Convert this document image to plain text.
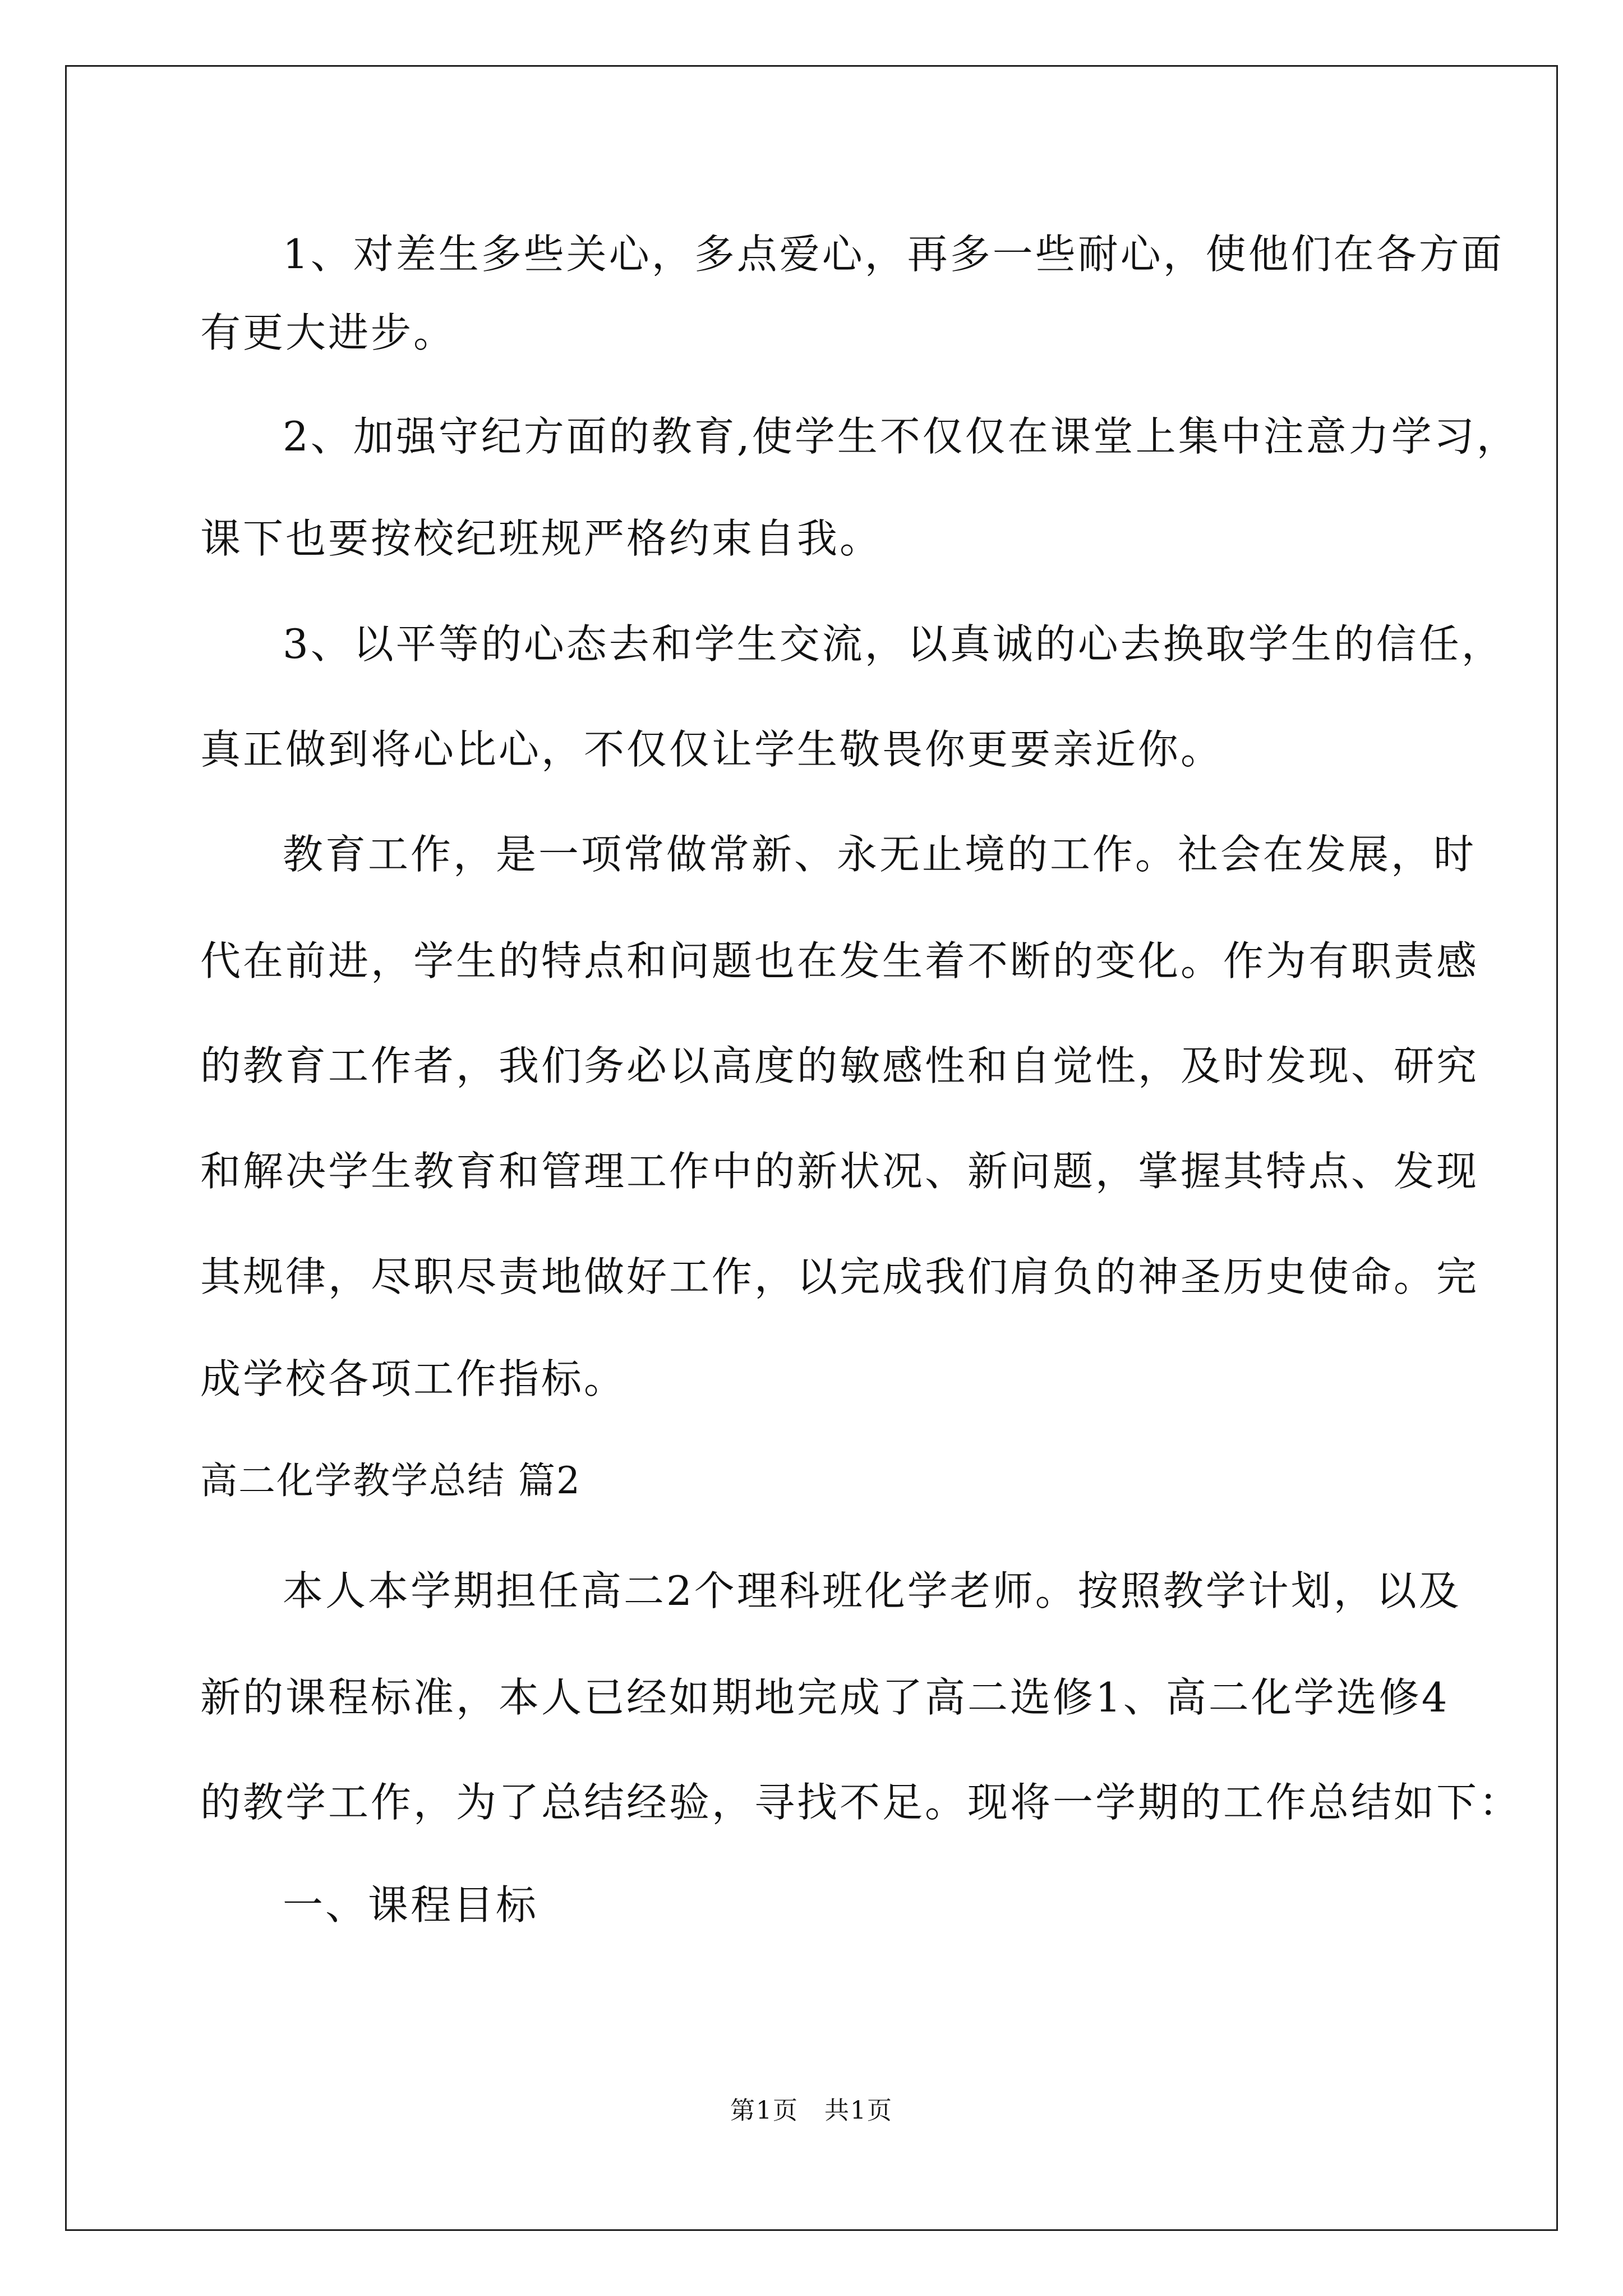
1、对差生多些关心，多点爱心，再多一些耐心，使他们在各方面
有更大进步。
2、加强守纪方面的教育,使学生不仅仅在课堂上集中注意力学习，
课下也要按校纪班规严格约束自我。
3、以平等的心态去和学生交流，以真诚的心去换取学生的信任，
真正做到将心比心，不仅仅让学生敬畏你更要亲近你。
教育工作，是一项常做常新、永无止境的工作。社会在发展，时
代在前进，学生的特点和问题也在发生着不断的变化。作为有职责感
的教育工作者，我们务必以高度的敏感性和自觉性，及时发现、研究
和解决学生教育和管理工作中的新状况、新问题，掌握其特点、发现
其规律，尽职尽责地做好工作，以完成我们肩负的神圣历史使命。完
成学校各项工作指标。
高二化学教学总结 篇2
本人本学期担任高二2个理科班化学老师。按照教学计划，以及
新的课程标准，本人已经如期地完成了高二选修1、高二化学选修4
的教学工作，为了总结经验，寻找不足。现将一学期的工作总结如下：
一、课程目标
第1页　共1页
